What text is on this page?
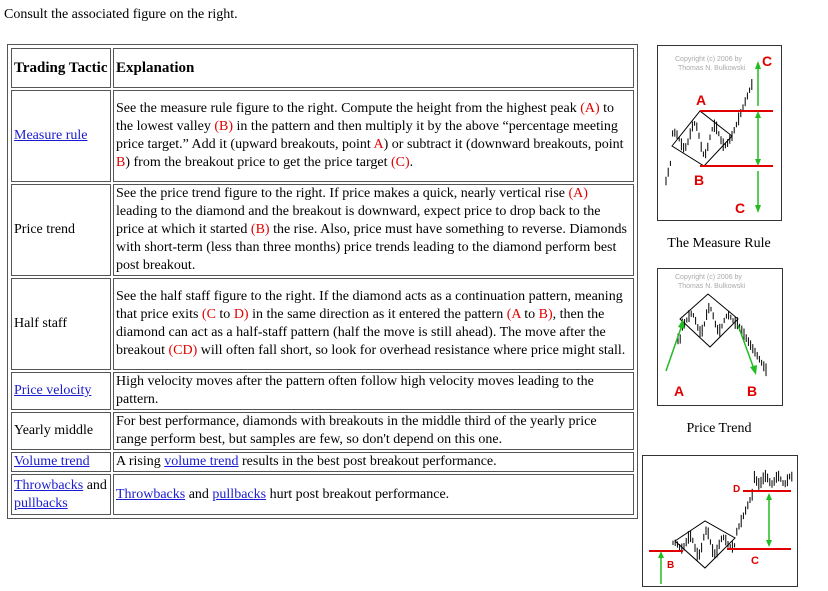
Consult the associated figure on the right.
Trading Tactic	Explanation
Measure rule	See the measure rule figure to the right. Compute the height from the highest peak (A) to the lowest valley (B) in the pattern and then multiply it by the above “percentage meeting price target.” Add it (upward breakouts, point A) or subtract it (downward breakouts, point B) from the breakout price to get the price target (C).
Price trend	See the price trend figure to the right. If price makes a quick, nearly vertical rise (A) leading to the diamond and the breakout is downward, expect price to drop back to the price at which it started (B) the rise. Also, price must have something to reverse. Diamonds with short-term (less than three months) price trends leading to the diamond perform best post breakout.
Half staff	See the half staff figure to the right. If the diamond acts as a continuation pattern, meaning that price exits (C to D) in the same direction as it entered the pattern (A to B), then the diamond can act as a half-staff pattern (half the move is still ahead). The move after the breakout (CD) will often fall short, so look for overhead resistance where price might stall.
Price velocity	High velocity moves after the pattern often follow high velocity moves leading to the pattern.
Yearly middle	For best performance, diamonds with breakouts in the middle third of the yearly price range perform best, but samples are few, so don't depend on this one.
Volume trend	A rising volume trend results in the best post breakout performance.
Throwbacks and pullbacks	Throwbacks and pullbacks hurt post breakout performance.
Copyright (c) 2006 by
Thomas N. Bulkowski
A
B
C
C
The Measure Rule
Copyright (c) 2006 by
Thomas N. Bulkowski
A	B
Price Trend
D
C
B
